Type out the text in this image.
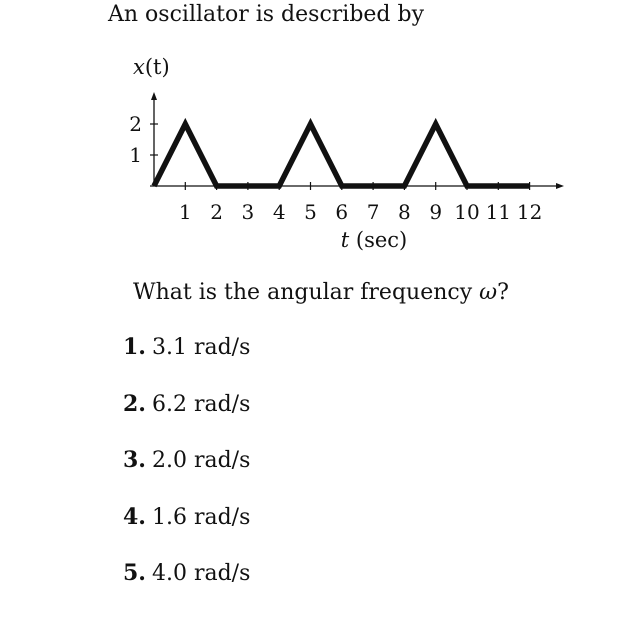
An oscillator is described by
x(t)
1 2 3 4 5 6 7 8 9 10 11 12
1
2
t (sec)
What is the angular frequency ω?
1. 3.1 rad/s
2. 6.2 rad/s
3. 2.0 rad/s
4. 1.6 rad/s
5. 4.0 rad/s
